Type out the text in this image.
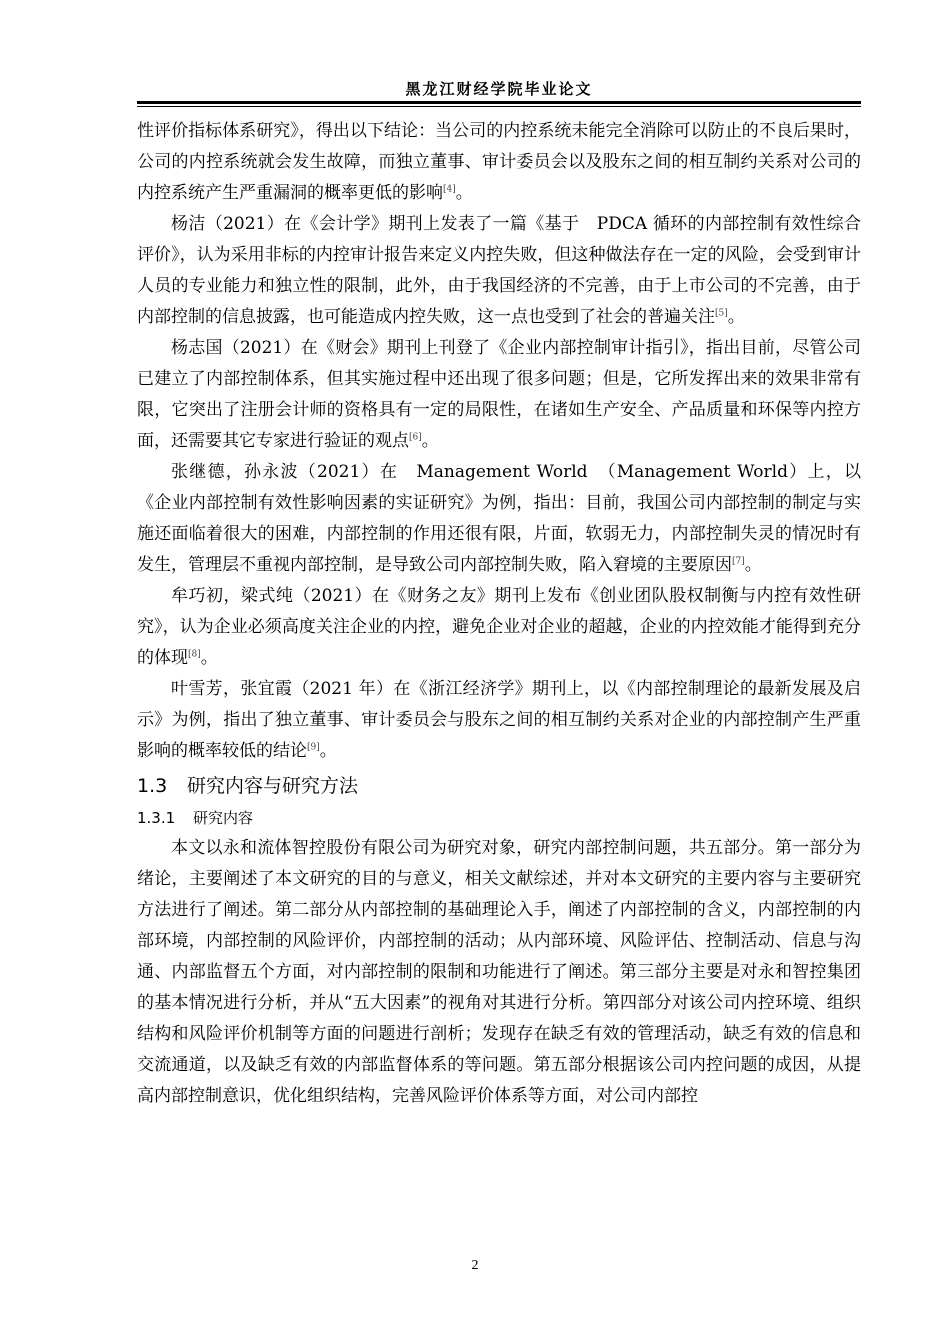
黑龙江财经学院毕业论文

性评价指标体系研究》，得出以下结论：当公司的内控系统未能完全消除可以防止的不良后果时，公司的内控系统就会发生故障，而独立董事、审计委员会以及股东之间的相互制约关系对公司的内控系统产生严重漏洞的概率更低的影响[4]。

杨洁（2021）在《会计学》期刊上发表了一篇《基于　PDCA 循环的内部控制有效性综合评价》，认为采用非标的内控审计报告来定义内控失败，但这种做法存在一定的风险，会受到审计人员的专业能力和独立性的限制，此外，由于我国经济的不完善，由于上市公司的不完善，由于内部控制的信息披露，也可能造成内控失败，这一点也受到了社会的普遍关注[5]。

杨志国（2021）在《财会》期刊上刊登了《企业内部控制审计指引》，指出目前，尽管公司已建立了内部控制体系，但其实施过程中还出现了很多问题；但是，它所发挥出来的效果非常有限，它突出了注册会计师的资格具有一定的局限性，在诸如生产安全、产品质量和环保等内控方面，还需要其它专家进行验证的观点[6]。

张继德，孙永波（2021）在　Management World　（Management World）上，以《企业内部控制有效性影响因素的实证研究》为例，指出：目前，我国公司内部控制的制定与实施还面临着很大的困难，内部控制的作用还很有限，片面，软弱无力，内部控制失灵的情况时有发生，管理层不重视内部控制，是导致公司内部控制失败，陷入窘境的主要原因[7]。

牟巧初，梁式纯（2021）在《财务之友》期刊上发布《创业团队股权制衡与内控有效性研究》，认为企业必须高度关注企业的内控，避免企业对企业的超越，企业的内控效能才能得到充分的体现[8]。

叶雪芳，张宜霞（2021 年）在《浙江经济学》期刊上，以《内部控制理论的最新发展及启示》为例，指出了独立董事、审计委员会与股东之间的相互制约关系对企业的内部控制产生严重影响的概率较低的结论[9]。

1.3 研究内容与研究方法
1.3.1 研究内容

本文以永和流体智控股份有限公司为研究对象，研究内部控制问题，共五部分。第一部分为绪论，主要阐述了本文研究的目的与意义，相关文献综述，并对本文研究的主要内容与主要研究方法进行了阐述。第二部分从内部控制的基础理论入手，阐述了内部控制的含义，内部控制的内部环境，内部控制的风险评价，内部控制的活动；从内部环境、风险评估、控制活动、信息与沟通、内部监督五个方面，对内部控制的限制和功能进行了阐述。第三部分主要是对永和智控集团的基本情况进行分析，并从“五大因素”的视角对其进行分析。第四部分对该公司内控环境、组织结构和风险评价机制等方面的问题进行剖析；发现存在缺乏有效的管理活动，缺乏有效的信息和交流通道，以及缺乏有效的内部监督体系的等问题。第五部分根据该公司内控问题的成因，从提高内部控制意识，优化组织结构，完善风险评价体系等方面，对公司内部控

2
